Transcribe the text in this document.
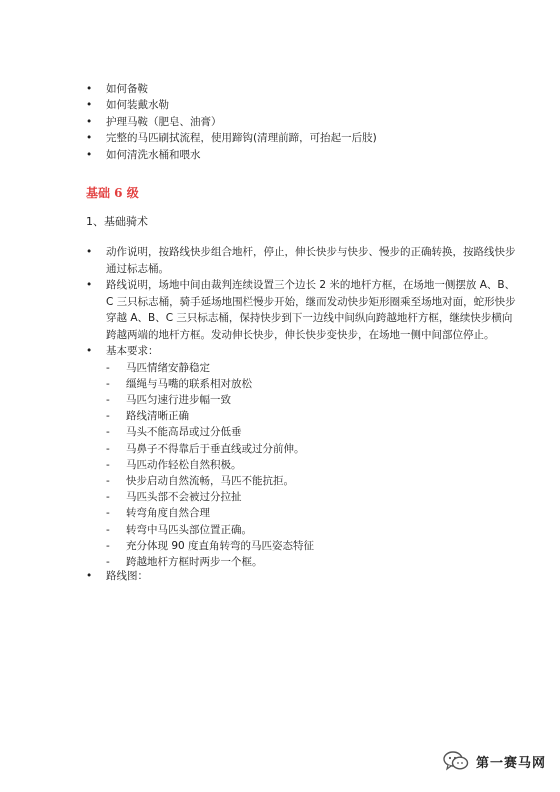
• 如何备鞍
• 如何装戴水勒
• 护理马鞍（肥皂、油膏）
• 完整的马匹刷拭流程，使用蹄钩(清理前蹄，可抬起一后肢)
• 如何清洗水桶和喂水
基础 6 级
1、基础骑术
• 动作说明，按路线快步组合地杆，停止，伸长快步与快步、慢步的正确转换，按路线快步通过标志桶。
• 路线说明，场地中间由裁判连续设置三个边长 2 米的地杆方框，在场地一侧摆放 A、B、C 三只标志桶，骑手延场地围栏慢步开始，继而发动快步矩形圈乘至场地对面，蛇形快步穿越 A、B、C 三只标志桶，保持快步到下一边线中间纵向跨越地杆方框，继续快步横向跨越两端的地杆方框。发动伸长快步，伸长快步变快步，在场地一侧中间部位停止。
• 基本要求：
- 马匹情绪安静稳定
- 缰绳与马嘴的联系相对放松
- 马匹匀速行进步幅一致
- 路线清晰正确
- 马头不能高昂或过分低垂
- 马鼻子不得靠后于垂直线或过分前伸。
- 马匹动作轻松自然积极。
- 快步启动自然流畅，马匹不能抗拒。
- 马匹头部不会被过分拉扯
- 转弯角度自然合理
- 转弯中马匹头部位置正确。
- 充分体现 90 度直角转弯的马匹姿态特征
- 跨越地杆方框时两步一个框。
• 路线图：
第一赛马网
